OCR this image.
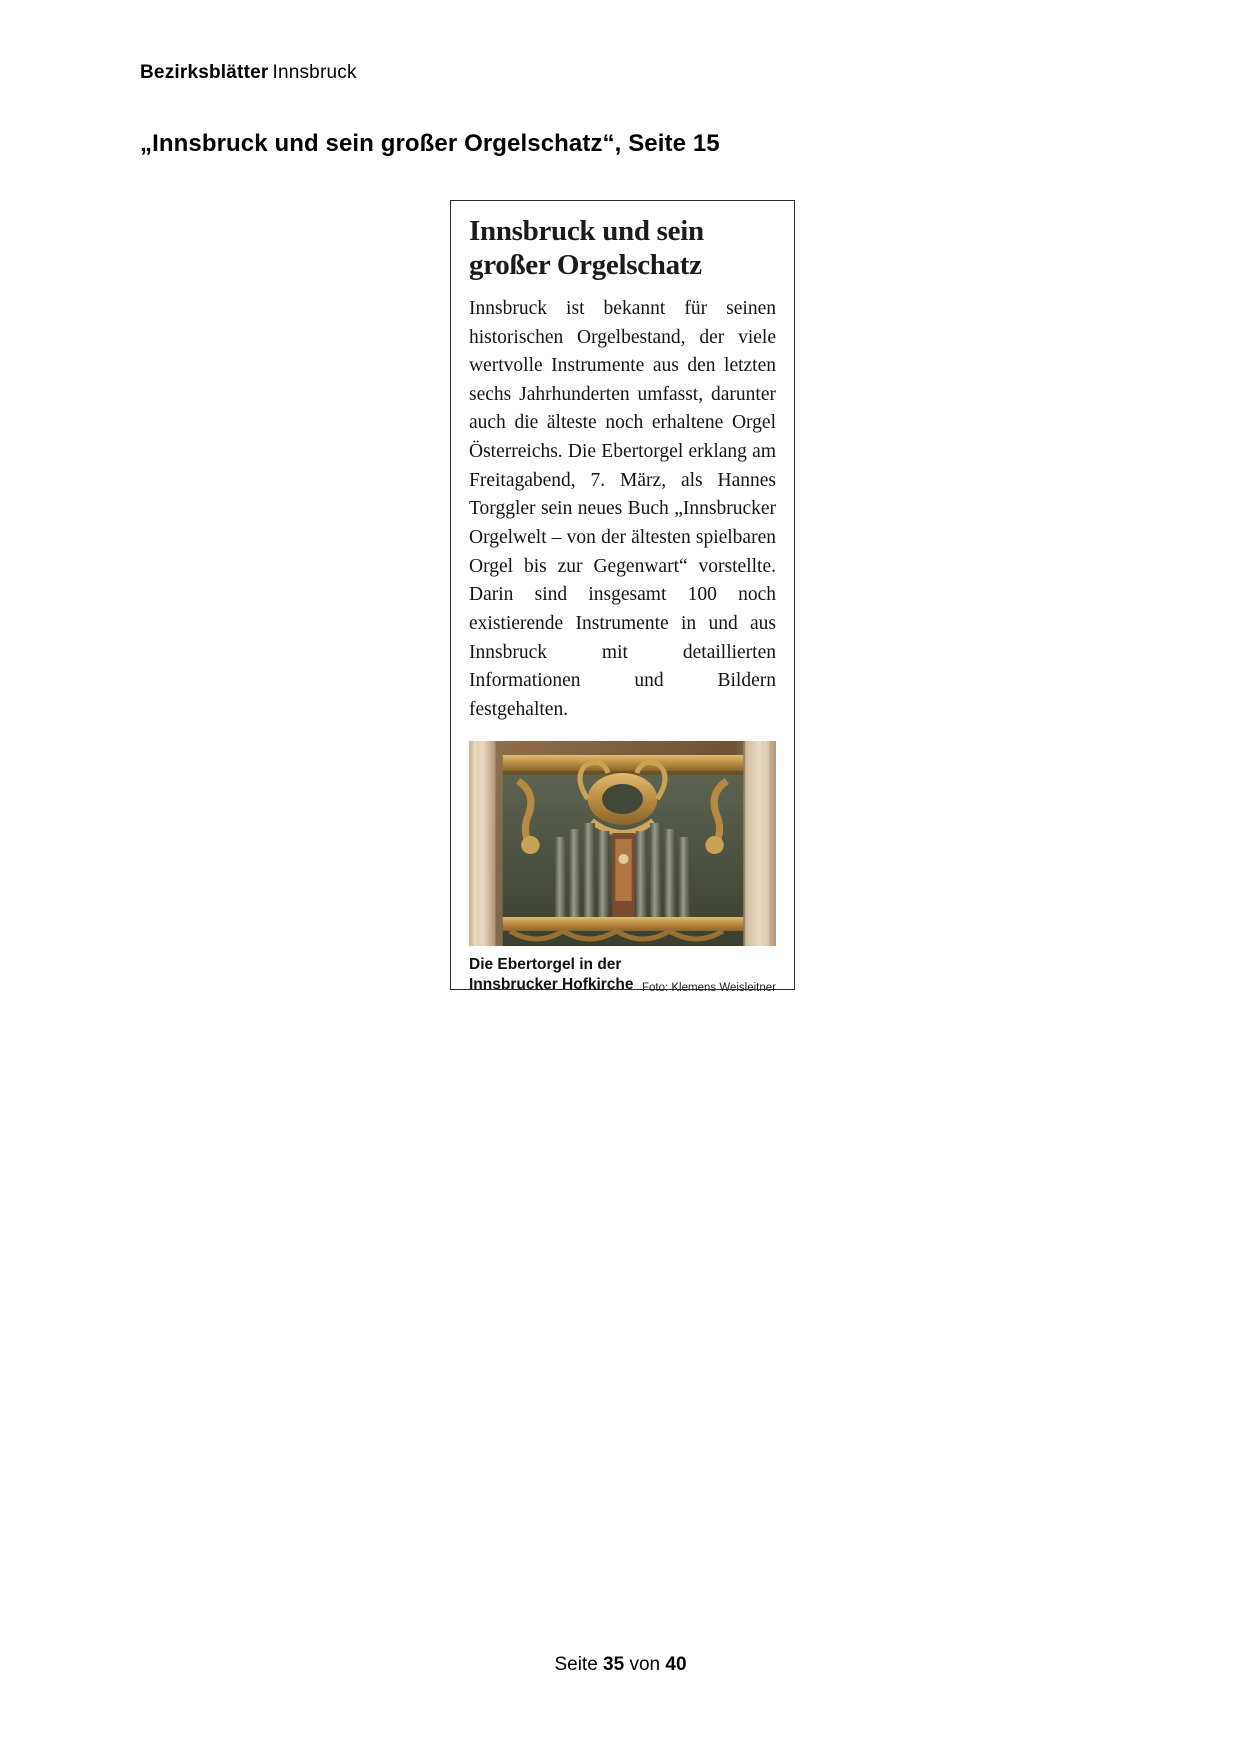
Bezirksblätter Innsbruck
„Innsbruck und sein großer Orgelschatz“, Seite 15
Innsbruck und sein
großer Orgelschatz
Innsbruck ist bekannt für seinen historischen Orgelbestand, der viele wertvolle Instrumente aus den letzten sechs Jahrhunderten umfasst, darunter auch die älteste noch erhaltene Orgel Österreichs. Die Ebertorgel erklang am Freitagabend, 7. März, als Hannes Torggler sein neues Buch „Innsbrucker Orgelwelt – von der ältesten spielbaren Orgel bis zur Gegenwart“ vorstellte. Darin sind insgesamt 100 noch existierende Instrumente in und aus Innsbruck mit detaillierten Informationen und Bildern festgehalten.
Die Ebertorgel in der Innsbrucker Hofkirche Foto: Klemens Weisleitner
Seite 35 von 40
